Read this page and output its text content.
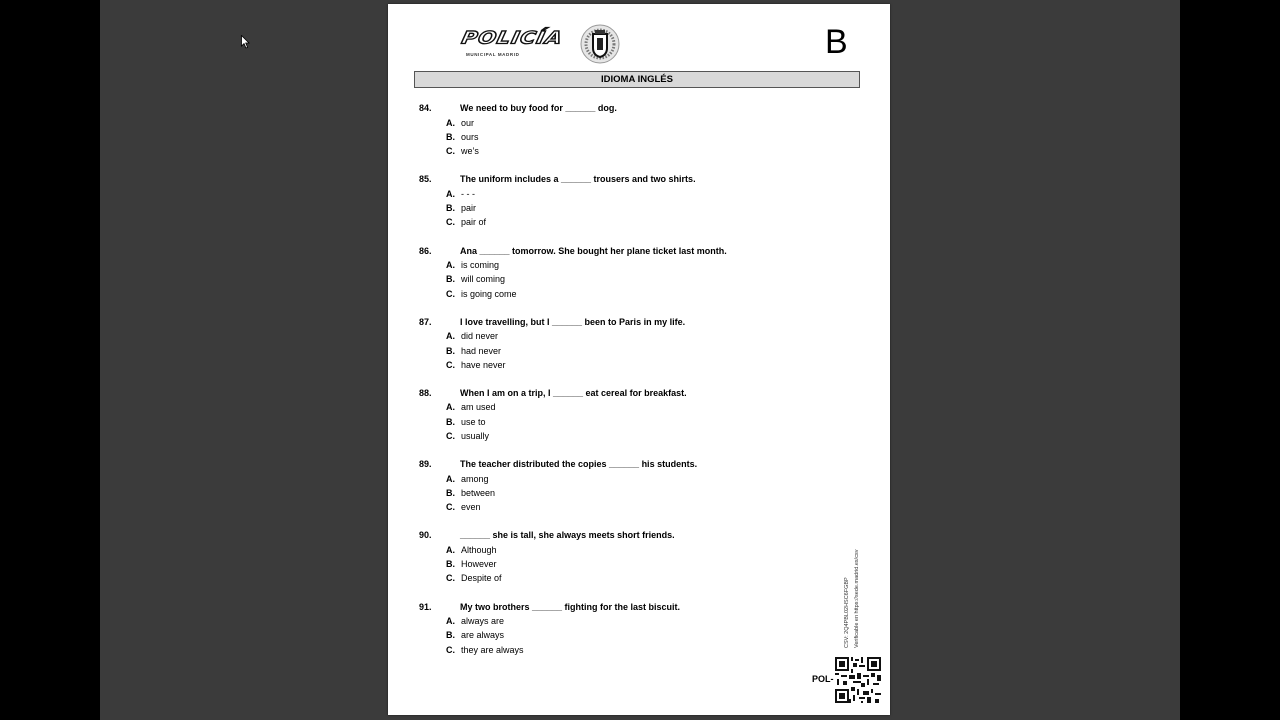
POLICÍA
MUNICIPAL MADRID	B
IDIOMA INGLÉS
84.	We need to buy food for ______ dog.
A. our
B. ours
C. we’s
85.	The uniform includes a ______ trousers and two shirts.
A. - - -
B. pair
C. pair of
86.	Ana ______ tomorrow. She bought her plane ticket last month.
A. is coming
B. will coming
C. is going come
87.	I love travelling, but I ______ been to Paris in my life.
A. did never
B. had never
C. have never
88.	When I am on a trip, I ______ eat cereal for breakfast.
A. am used
B. use to
C. usually
89.	The teacher distributed the copies ______ his students.
A. among
B. between
C. even
90.	______ she is tall, she always meets short friends.
A. Although
B. However
C. Despite of
91.	My two brothers ______ fighting for the last biscuit.
A. always are
B. are always
C. they are always
CSV: 2Q4PBL02HSC6FGBP Verificable en https://sede.madrid.es/csv
POL-
